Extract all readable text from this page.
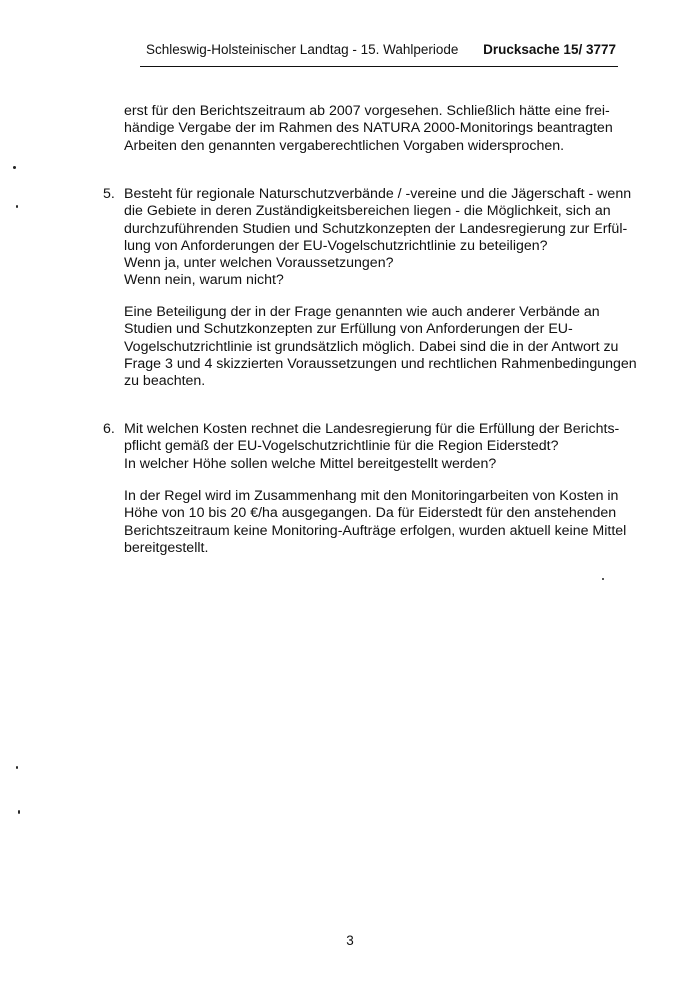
Schleswig-Holsteinischer Landtag - 15. Wahlperiode Drucksache 15/ 3777
erst für den Berichtszeitraum ab 2007 vorgesehen. Schließlich hätte eine frei-
händige Vergabe der im Rahmen des NATURA 2000-Monitorings beantragten
Arbeiten den genannten vergaberechtlichen Vorgaben widersprochen.
5. Besteht für regionale Naturschutzverbände / -vereine und die Jägerschaft - wenn
die Gebiete in deren Zuständigkeitsbereichen liegen - die Möglichkeit, sich an
durchzuführenden Studien und Schutzkonzepten der Landesregierung zur Erfül-
lung von Anforderungen der EU-Vogelschutzrichtlinie zu beteiligen?
Wenn ja, unter welchen Voraussetzungen?
Wenn nein, warum nicht?
Eine Beteiligung der in der Frage genannten wie auch anderer Verbände an
Studien und Schutzkonzepten zur Erfüllung von Anforderungen der EU-
Vogelschutzrichtlinie ist grundsätzlich möglich. Dabei sind die in der Antwort zu
Frage 3 und 4 skizzierten Voraussetzungen und rechtlichen Rahmenbedingungen
zu beachten.
6. Mit welchen Kosten rechnet die Landesregierung für die Erfüllung der Berichts-
pflicht gemäß der EU-Vogelschutzrichtlinie für die Region Eiderstedt?
In welcher Höhe sollen welche Mittel bereitgestellt werden?
In der Regel wird im Zusammenhang mit den Monitoringarbeiten von Kosten in
Höhe von 10 bis 20 €/ha ausgegangen. Da für Eiderstedt für den anstehenden
Berichtszeitraum keine Monitoring-Aufträge erfolgen, wurden aktuell keine Mittel
bereitgestellt.
3
